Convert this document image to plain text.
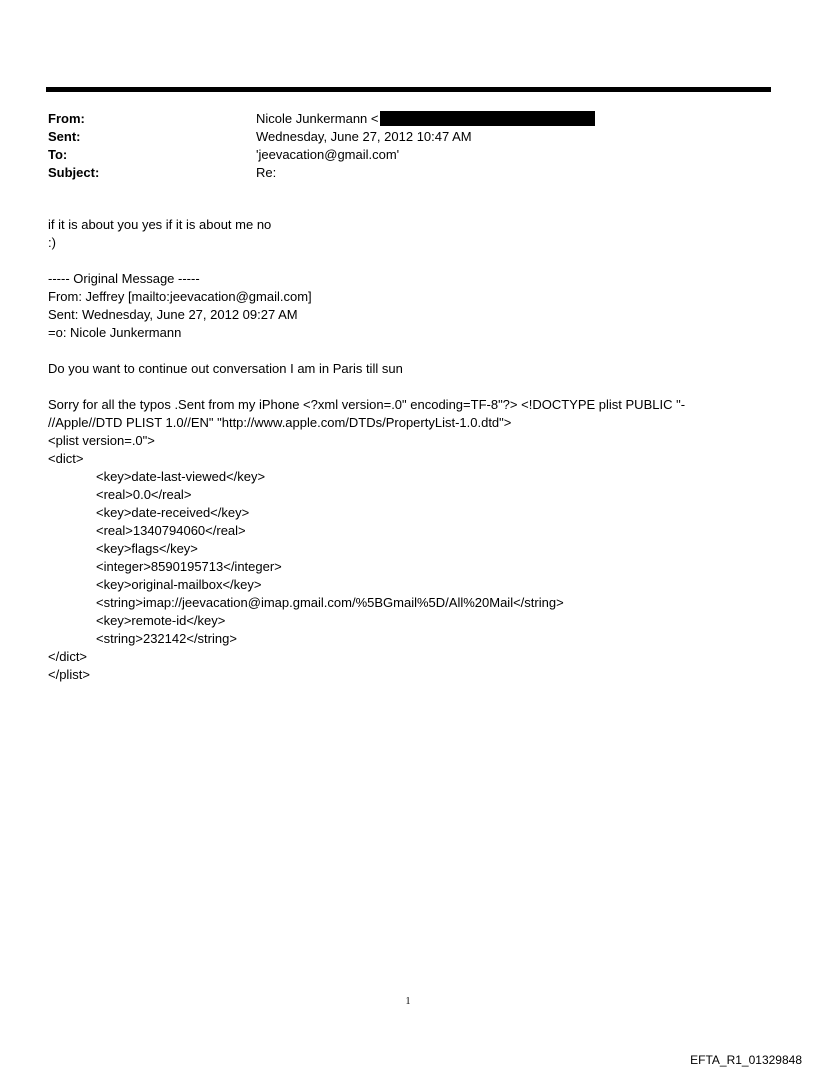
From:	Nicole Junkermann <
Sent:	Wednesday, June 27, 2012 10:47 AM
To:	'jeevacation@gmail.com'
Subject:	Re:
if it is about you yes if it is about me no
:)
----- Original Message -----
From: Jeffrey [mailto:jeevacation@gmail.com]
Sent: Wednesday, June 27, 2012 09:27 AM
=o: Nicole Junkermann
Do you want to continue out conversation I am in Paris till sun
Sorry for all the typos .Sent from my iPhone <?xml version=.0" encoding=TF-8"?> <!DOCTYPE plist PUBLIC "-
//Apple//DTD PLIST 1.0//EN" "http://www.apple.com/DTDs/PropertyList-1.0.dtd">
<plist version=.0">
<dict>
<key>date-last-viewed</key>
<real>0.0</real>
<key>date-received</key>
<real>1340794060</real>
<key>flags</key>
<integer>8590195713</integer>
<key>original-mailbox</key>
<string>imap://jeevacation@imap.gmail.com/%5BGmail%5D/All%20Mail</string>
<key>remote-id</key>
<string>232142</string>
</dict>
</plist>
1
EFTA_R1_01329848
